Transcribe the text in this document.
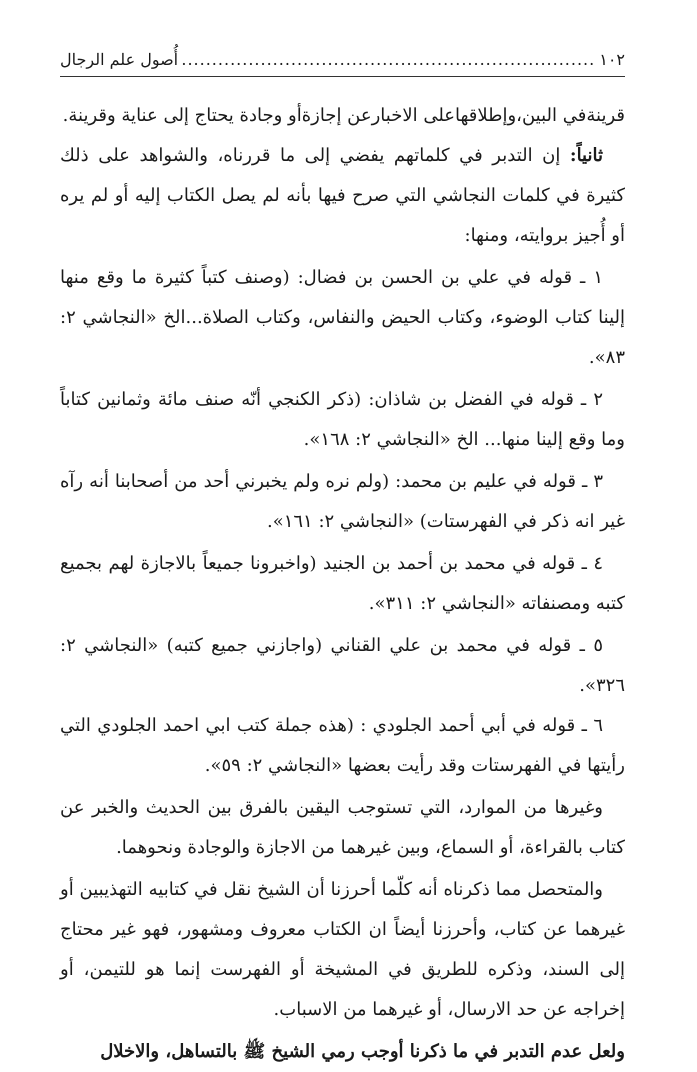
١٠٢
.....
أُصول علم الرجال

قرينةفي البين،وإطلاقهاعلى الاخبارعن إجازةأو وجادة يحتاج إلى عناية وقرينة.

ثانياً: إن التدبر في كلماتهم يفضي إلى ما قررناه، والشواهد على ذلك كثيرة في كلمات النجاشي التي صرح فيها بأنه لم يصل الكتاب إليه أو لم يره أو أُجيز بروايته، ومنها:

١ ـ قوله في علي بن الحسن بن فضال: (وصنف كتباً كثيرة ما وقع منها إلينا كتاب الوضوء، وكتاب الحيض والنفاس، وكتاب الصلاة...الخ «النجاشي ٢: ٨٣».

٢ ـ قوله في الفضل بن شاذان: (ذكر الكنجي أنّه صنف مائة وثمانين كتاباً وما وقع إلينا منها... الخ «النجاشي ٢: ١٦٨».

٣ ـ قوله في عليم بن محمد: (ولم نره ولم يخبرني أحد من أصحابنا أنه رآه غير انه ذكر في الفهرستات) «النجاشي ٢: ١٦١».

٤ ـ قوله في محمد بن أحمد بن الجنيد (واخبرونا جميعاً بالاجازة لهم بجميع كتبه ومصنفاته «النجاشي ٢: ٣١١».

٥ ـ قوله في محمد بن علي القناني (واجازني جميع كتبه) «النجاشي ٢: ٣٢٦».

٦ ـ قوله في أبي أحمد الجلودي : (هذه جملة كتب ابي احمد الجلودي التي رأيتها في الفهرستات وقد رأيت بعضها «النجاشي ٢: ٥٩».

وغيرها من الموارد، التي تستوجب اليقين بالفرق بين الحديث والخبر عن كتاب بالقراءة، أو السماع، وبين غيرهما من الاجازة والوجادة ونحوهما.

والمتحصل مما ذكرناه أنه كلّما أحرزنا أن الشيخ نقل في كتابيه التهذيبين أو غيرهما عن كتاب، وأحرزنا أيضاً ان الكتاب معروف ومشهور، فهو غير محتاج إلى السند، وذكره للطريق في المشيخة أو الفهرست إنما هو للتيمن، أو إخراجه عن حد الارسال، أو غيرهما من الاسباب.

ولعل عدم التدبر في ما ذكرنا أوجب رمي الشيخ ﷺ بالتساهل، والاخلال
